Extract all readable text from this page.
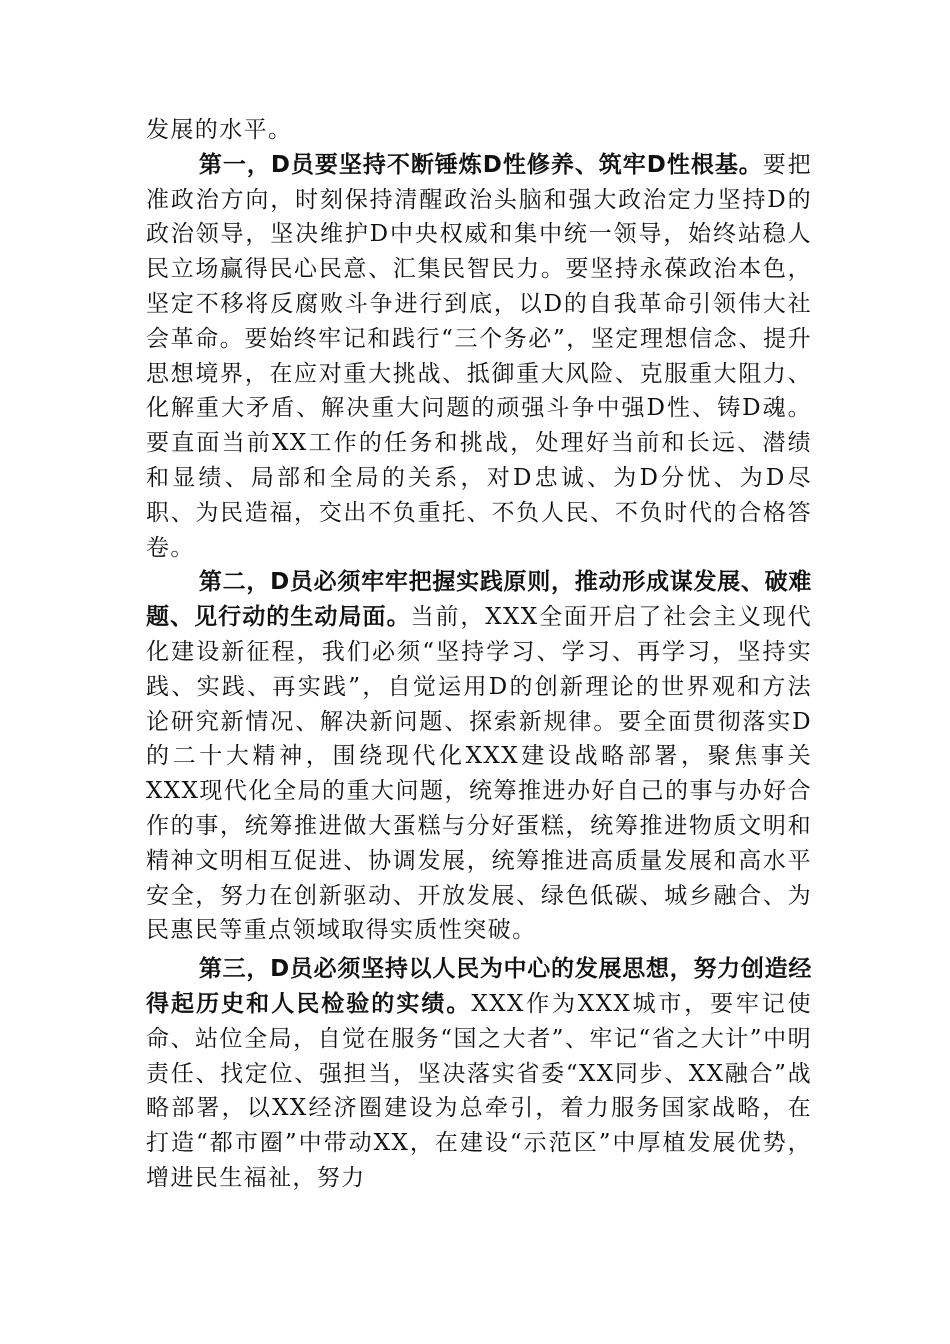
发展的水平。

第一，D员要坚持不断锤炼D性修养、筑牢D性根基。要把准政治方向，时刻保持清醒政治头脑和强大政治定力坚持D的政治领导，坚决维护D中央权威和集中统一领导，始终站稳人民立场赢得民心民意、汇集民智民力。要坚持永葆政治本色，坚定不移将反腐败斗争进行到底，以D的自我革命引领伟大社会革命。要始终牢记和践行“三个务必”，坚定理想信念、提升思想境界，在应对重大挑战、抵御重大风险、克服重大阻力、化解重大矛盾、解决重大问题的顽强斗争中强D性、铸D魂。要直面当前XX工作的任务和挑战，处理好当前和长远、潜绩和显绩、局部和全局的关系，对D忠诚、为D分忧、为D尽职、为民造福，交出不负重托、不负人民、不负时代的合格答卷。

第二，D员必须牢牢把握实践原则，推动形成谋发展、破难题、见行动的生动局面。当前，XXX全面开启了社会主义现代化建设新征程，我们必须“坚持学习、学习、再学习，坚持实践、实践、再实践”，自觉运用D的创新理论的世界观和方法论研究新情况、解决新问题、探索新规律。要全面贯彻落实D的二十大精神，围绕现代化XXX建设战略部署，聚焦事关XXX现代化全局的重大问题，统筹推进办好自己的事与办好合作的事，统筹推进做大蛋糕与分好蛋糕，统筹推进物质文明和精神文明相互促进、协调发展，统筹推进高质量发展和高水平安全，努力在创新驱动、开放发展、绿色低碳、城乡融合、为民惠民等重点领域取得实质性突破。

第三，D员必须坚持以人民为中心的发展思想，努力创造经得起历史和人民检验的实绩。XXX作为XXX城市，要牢记使命、站位全局，自觉在服务“国之大者”、牢记“省之大计”中明责任、找定位、强担当，坚决落实省委“XX同步、XX融合”战略部署，以XX经济圈建设为总牵引，着力服务国家战略，在打造“都市圈”中带动XX，在建设“示范区”中厚植发展优势，增进民生福祉，努力
